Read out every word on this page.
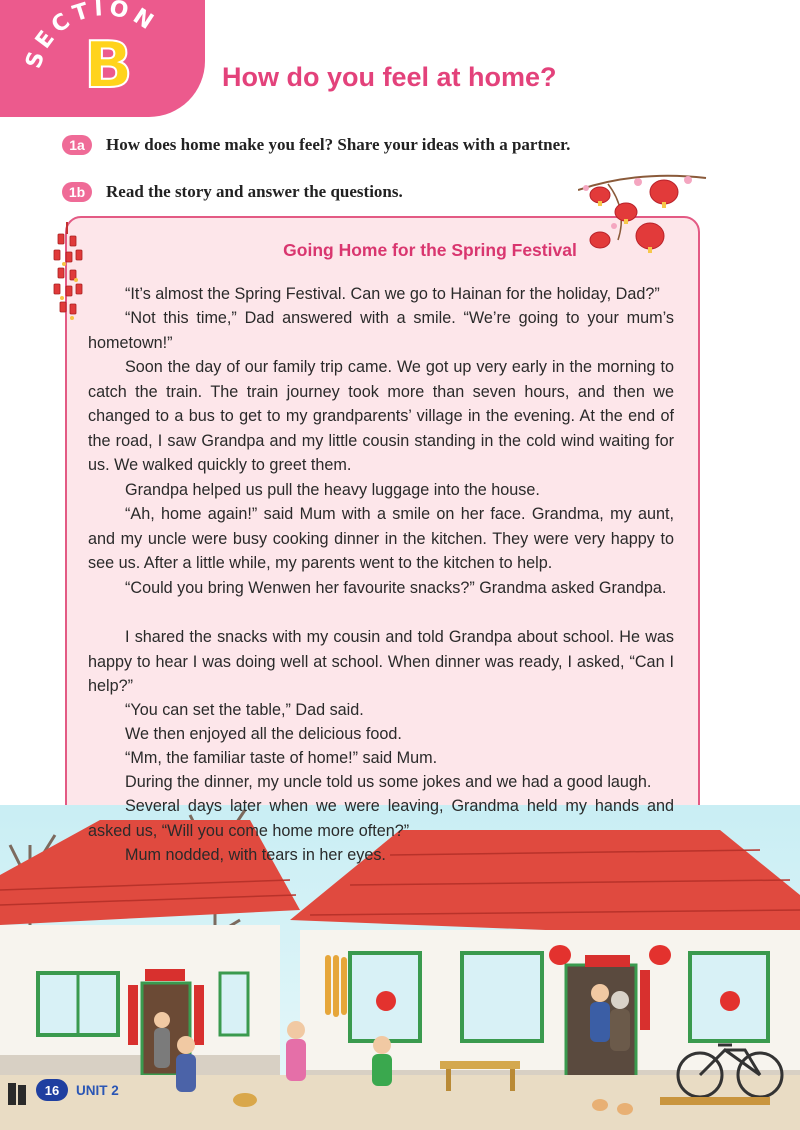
SECTION
B	How do you feel at home?
1a	How does home make you feel? Share your ideas with a partner.
1b	Read the story and answer the questions.
Going Home for the Spring Festival

“It’s almost the Spring Festival. Can we go to Hainan for the holiday, Dad?”

“Not this time,” Dad answered with a smile. “We’re going to your mum’s hometown!”

Soon the day of our family trip came. We got up very early in the morning to catch the train. The train journey took more than seven hours, and then we changed to a bus to get to my grandparents’ village in the evening. At the end of the road, I saw Grandpa and my little cousin standing in the cold wind waiting for us. We walked quickly to greet them.

Grandpa helped us pull the heavy luggage into the house.

“Ah, home again!” said Mum with a smile on her face. Grandma, my aunt, and my uncle were busy cooking dinner in the kitchen. They were very happy to see us. After a little while, my parents went to the kitchen to help.

“Could you bring Wenwen her favourite snacks?” Grandma asked Grandpa.

I shared the snacks with my cousin and told Grandpa about school. He was happy to hear I was doing well at school. When dinner was ready, I asked, “Can I help?”

“You can set the table,” Dad said.

We then enjoyed all the delicious food.

“Mm, the familiar taste of home!” said Mum.

During the dinner, my uncle told us some jokes and we had a good laugh.

Several days later when we were leaving, Grandma held my hands and asked us, “Will you come home more often?”

Mum nodded, with tears in her eyes.

16	UNIT 2
